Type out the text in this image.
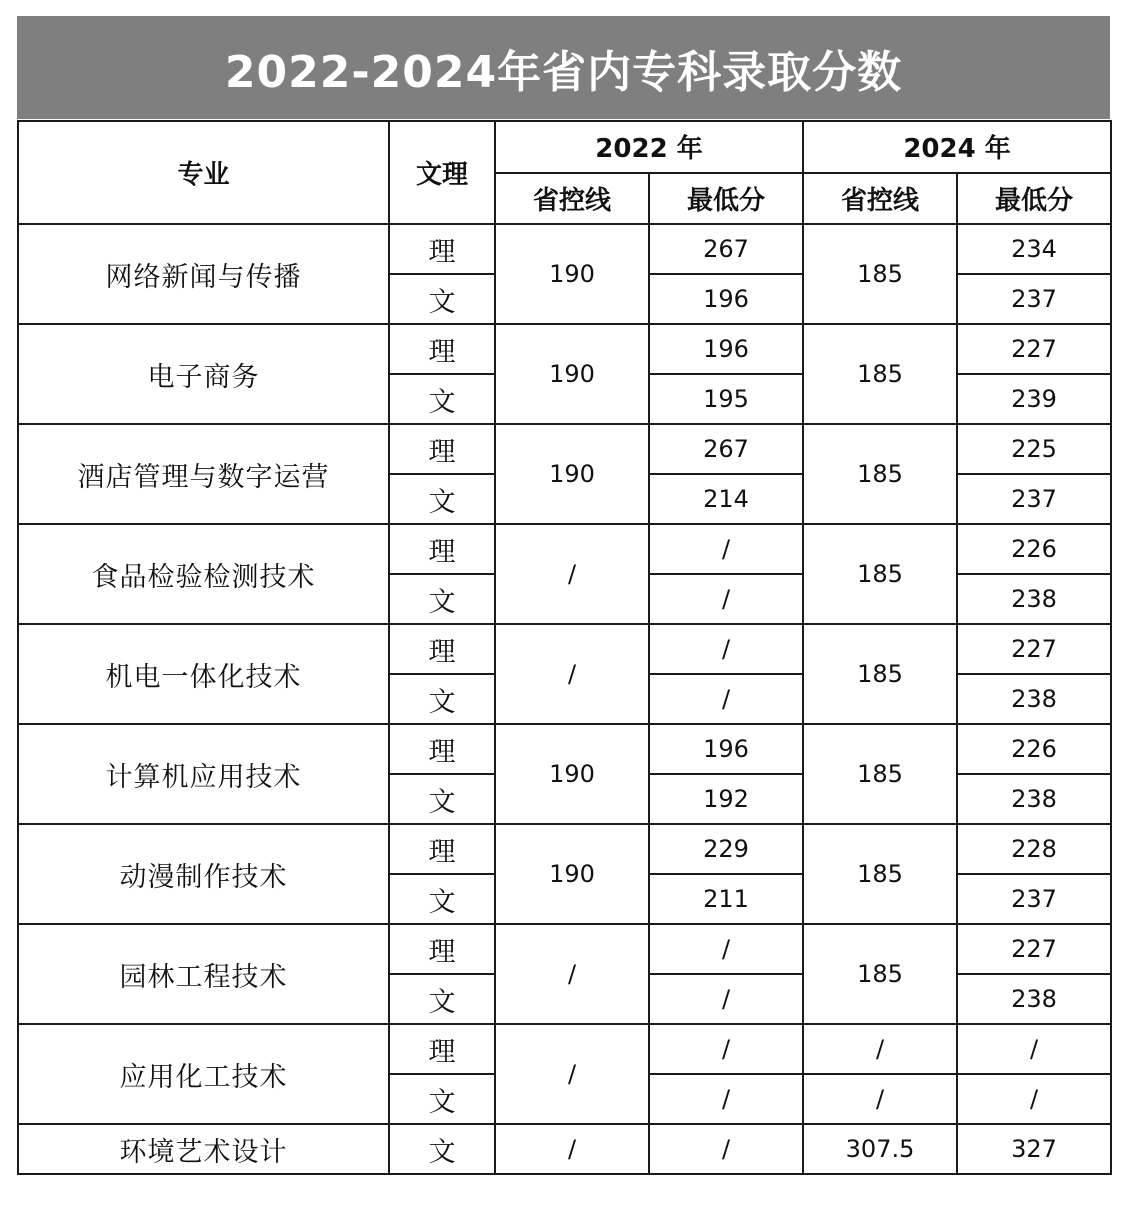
2022-2024年省内专科录取分数
专业	文理	2022 年		2024 年	
		省控线	最低分	省控线	最低分
网络新闻与传播	理	190	267	185	234
	文		196		237
电子商务	理	190	196	185	227
	文		195		239
酒店管理与数字运营	理	190	267	185	225
	文		214		237
食品检验检测技术	理	/	/	185	226
	文		/		238
机电一体化技术	理	/	/	185	227
	文		/		238
计算机应用技术	理	190	196	185	226
	文		192		238
动漫制作技术	理	190	229	185	228
	文		211		237
园林工程技术	理	/	/	185	227
	文		/		238
应用化工技术	理	/	/	/	/
	文		/	/	/
环境艺术设计	文	/	/	307.5	327
